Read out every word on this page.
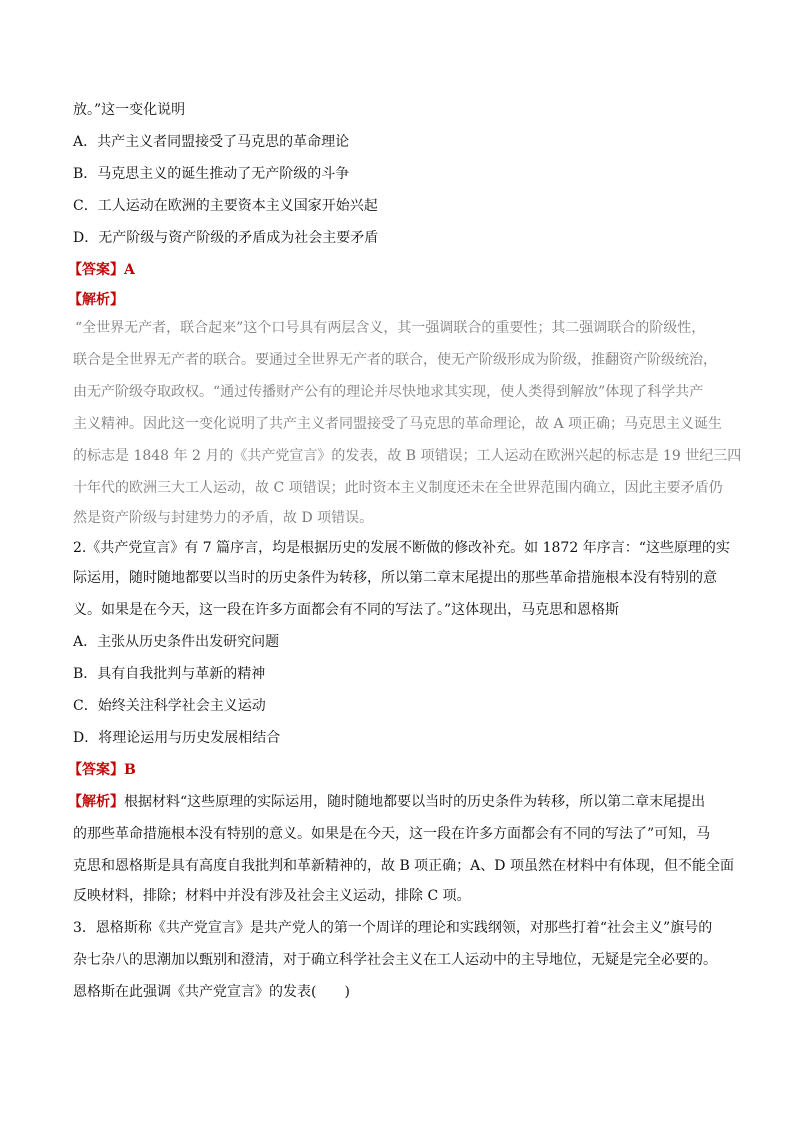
放。”这一变化说明
A．共产主义者同盟接受了马克思的革命理论
B．马克思主义的诞生推动了无产阶级的斗争
C．工人运动在欧洲的主要资本主义国家开始兴起
D．无产阶级与资产阶级的矛盾成为社会主要矛盾
【答案】A
【解析】
“全世界无产者，联合起来”这个口号具有两层含义，其一强调联合的重要性；其二强调联合的阶级性，
联合是全世界无产者的联合。要通过全世界无产者的联合，使无产阶级形成为阶级，推翻资产阶级统治，
由无产阶级夺取政权。“通过传播财产公有的理论并尽快地求其实现，使人类得到解放”体现了科学共产
主义精神。因此这一变化说明了共产主义者同盟接受了马克思的革命理论，故 A 项正确；马克思主义诞生
的标志是 1848 年 2 月的《共产党宣言》的发表，故 B 项错误；工人运动在欧洲兴起的标志是 19 世纪三四
十年代的欧洲三大工人运动，故 C 项错误；此时资本主义制度还未在全世界范围内确立，因此主要矛盾仍
然是资产阶级与封建势力的矛盾，故 D 项错误。
2.《共产党宣言》有 7 篇序言，均是根据历史的发展不断做的修改补充。如 1872 年序言：“这些原理的实
际运用，随时随地都要以当时的历史条件为转移，所以第二章末尾提出的那些革命措施根本没有特别的意
义。如果是在今天，这一段在许多方面都会有不同的写法了。”这体现出，马克思和恩格斯
A．主张从历史条件出发研究问题
B．具有自我批判与革新的精神
C．始终关注科学社会主义运动
D．将理论运用与历史发展相结合
【答案】B
【解析】根据材料“这些原理的实际运用，随时随地都要以当时的历史条件为转移，所以第二章末尾提出
的那些革命措施根本没有特别的意义。如果是在今天，这一段在许多方面都会有不同的写法了”可知，马
克思和恩格斯是具有高度自我批判和革新精神的，故 B 项正确；A、D 项虽然在材料中有体现，但不能全面
反映材料，排除；材料中并没有涉及社会主义运动，排除 C 项。
3．恩格斯称《共产党宣言》是共产党人的第一个周详的理论和实践纲领，对那些打着“社会主义”旗号的
杂七杂八的思潮加以甄别和澄清，对于确立科学社会主义在工人运动中的主导地位，无疑是完全必要的。
恩格斯在此强调《共产党宣言》的发表(　　)
